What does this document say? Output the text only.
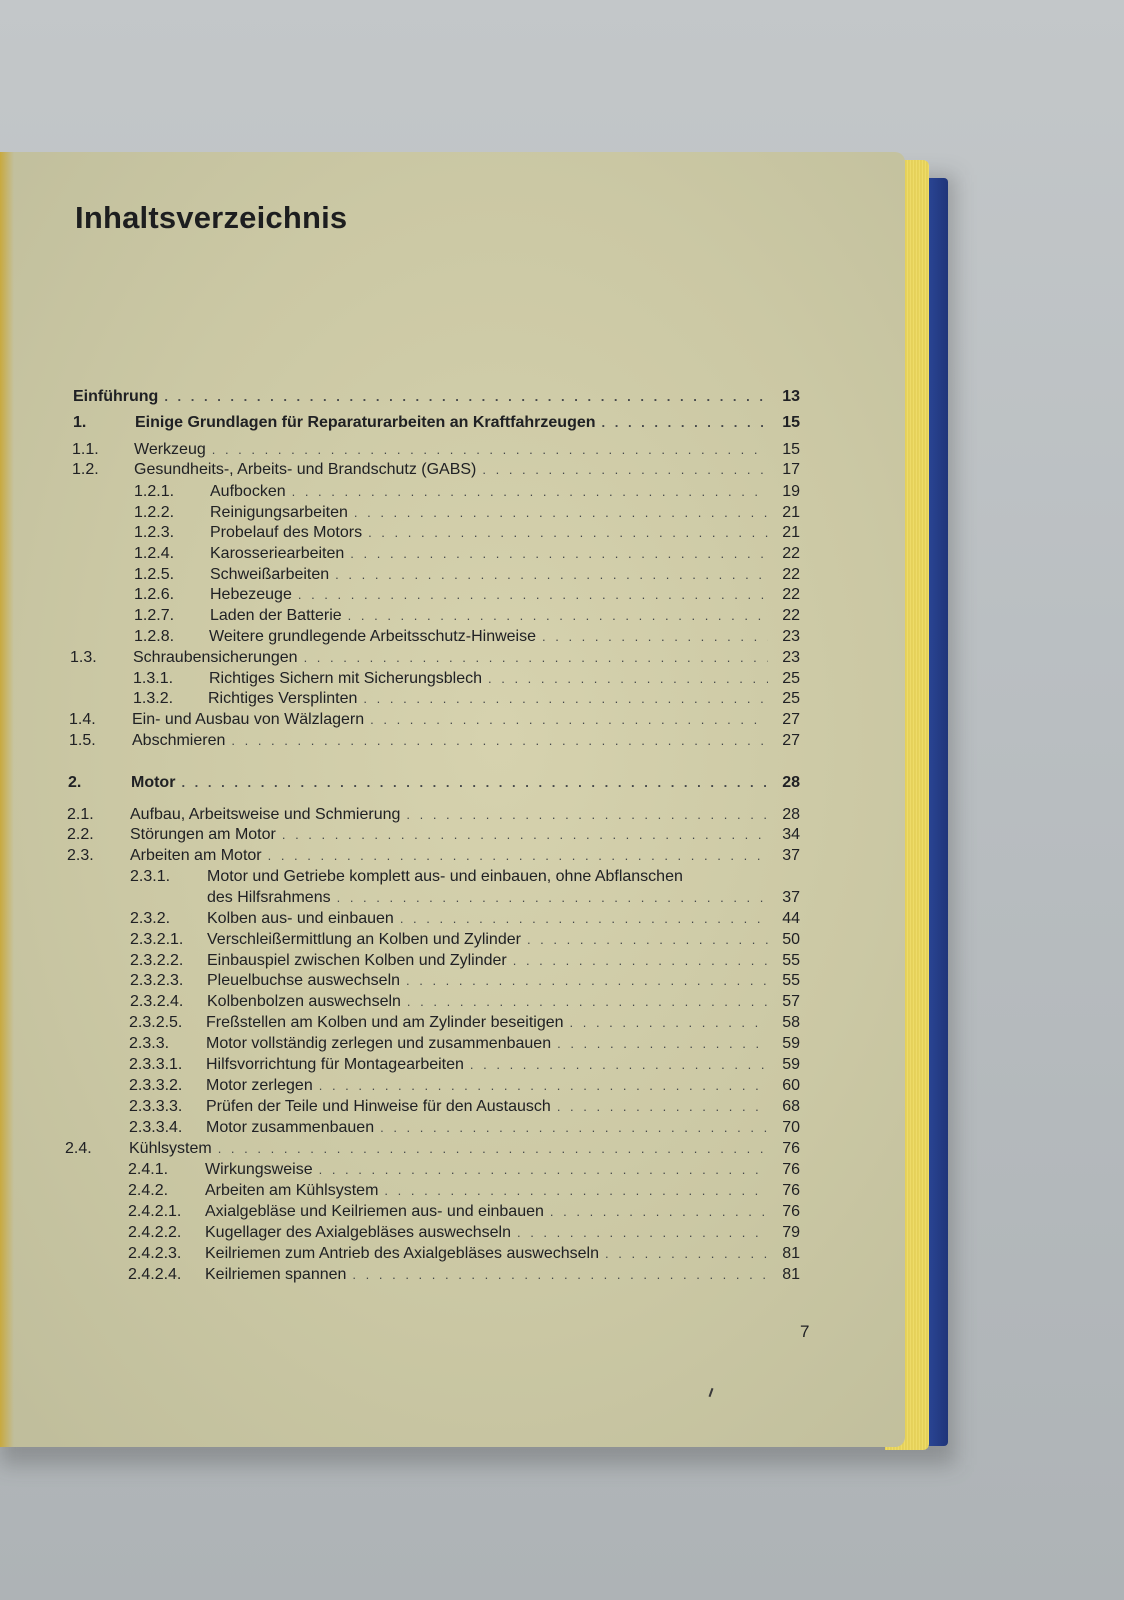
Inhaltsverzeichnis
Einführung . . .	13
1.	Einige Grundlagen für Reparaturarbeiten an Kraftfahrzeugen . . .	15
1.1.	Werkzeug . . .	15
1.2.	Gesundheits-, Arbeits- und Brandschutz (GABS) . . .	17
1.2.1.	Aufbocken . . .	19
1.2.2.	Reinigungsarbeiten . . .	21
1.2.3.	Probelauf des Motors . . .	21
1.2.4.	Karosseriearbeiten . . .	22
1.2.5.	Schweißarbeiten . . .	22
1.2.6.	Hebezeuge . . .	22
1.2.7.	Laden der Batterie . . .	22
1.2.8.	Weitere grundlegende Arbeitsschutz-Hinweise . . .	23
1.3.	Schraubensicherungen . . .	23
1.3.1.	Richtiges Sichern mit Sicherungsblech . . .	25
1.3.2.	Richtiges Versplinten . . .	25
1.4.	Ein- und Ausbau von Wälzlagern . . .	27
1.5.	Abschmieren . . .	27
2.	Motor . . .	28
2.1.	Aufbau, Arbeitsweise und Schmierung . . .	28
2.2.	Störungen am Motor . . .	34
2.3.	Arbeiten am Motor . . .	37
2.3.1.	Motor und Getriebe komplett aus- und einbauen, ohne Abflanschen
des Hilfsrahmens . . .	37
2.3.2.	Kolben aus- und einbauen . . .	44
2.3.2.1.	Verschleißermittlung an Kolben und Zylinder . . .	50
2.3.2.2.	Einbauspiel zwischen Kolben und Zylinder . . .	55
2.3.2.3.	Pleuelbuchse auswechseln . . .	55
2.3.2.4.	Kolbenbolzen auswechseln . . .	57
2.3.2.5.	Freßstellen am Kolben und am Zylinder beseitigen . . .	58
2.3.3.	Motor vollständig zerlegen und zusammenbauen . . .	59
2.3.3.1.	Hilfsvorrichtung für Montagearbeiten . . .	59
2.3.3.2.	Motor zerlegen . . .	60
2.3.3.3.	Prüfen der Teile und Hinweise für den Austausch . . .	68
2.3.3.4.	Motor zusammenbauen . . .	70
2.4.	Kühlsystem . . .	76
2.4.1.	Wirkungsweise . . .	76
2.4.2.	Arbeiten am Kühlsystem . . .	76
2.4.2.1.	Axialgebläse und Keilriemen aus- und einbauen . . .	76
2.4.2.2.	Kugellager des Axialgebläses auswechseln . . .	79
2.4.2.3.	Keilriemen zum Antrieb des Axialgebläses auswechseln . . .	81
2.4.2.4.	Keilriemen spannen . . .	81
7
